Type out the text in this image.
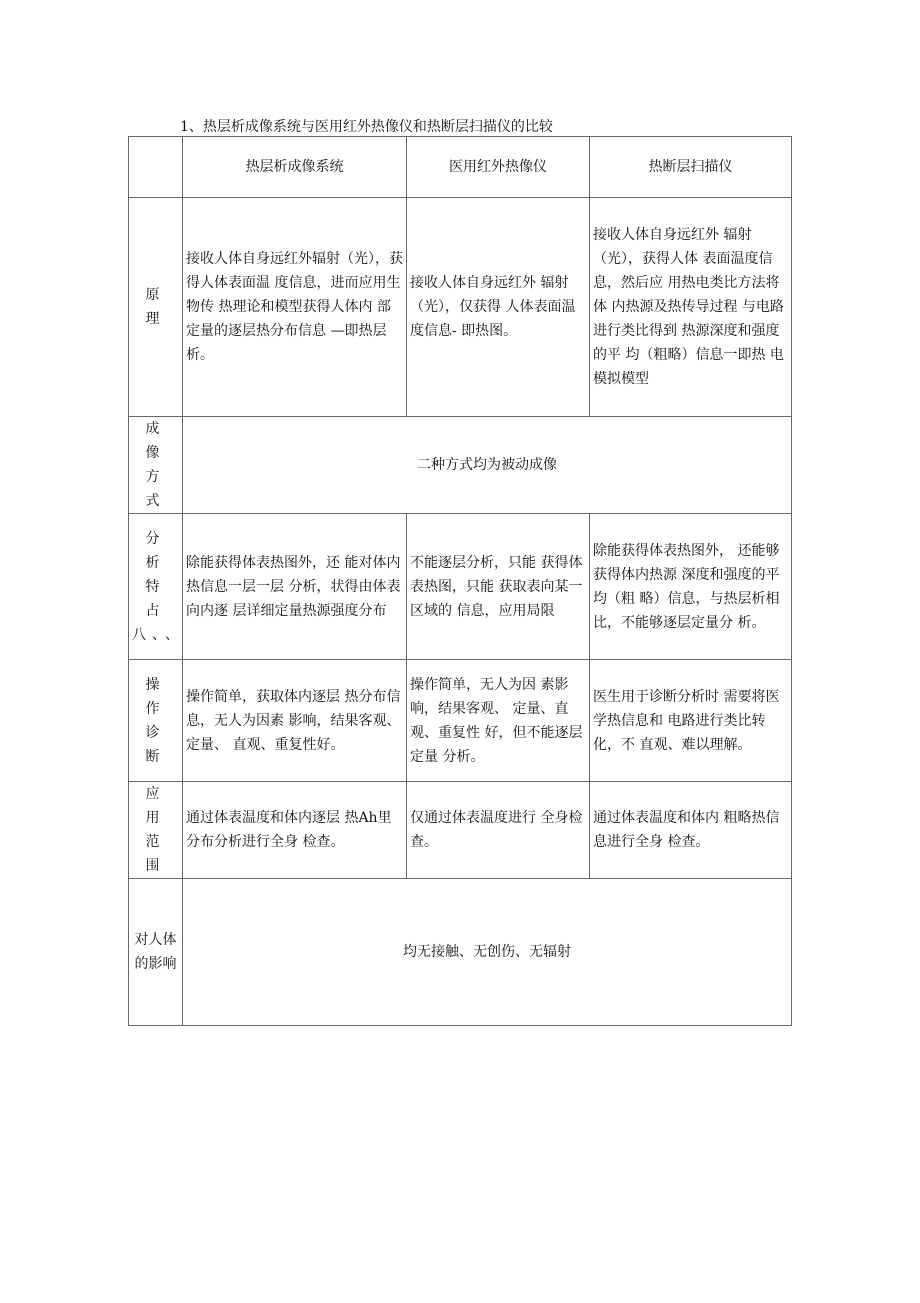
1、热层析成像系统与医用红外热像仪和热断层扫描仪的比较
	热层析成像系统	医用红外热像仪	热断层扫描仪
原 理	接收人体自身远红外辐射（光），获得人体表面温 度信息，进而应用生物传 热理论和模型获得人体内 部定量的逐层热分布信息 —即热层析。	接收人体自身远红外 辐射（光），仅获得 人体表面温度信息- 即热图。	接收人体自身远红外 辐射（光），获得人体 表面温度信息，然后应 用热电类比方法将体 内热源及热传导过程 与电路进行类比得到 热源深度和强度的平 均（粗略）信息一即热 电模拟模型
成 像 方 式	二种方式均为被动成像		
分 析 特 占 八、、	除能获得体表热图外，还 能对体内热信息一层一层 分析，状得由体表向内逐 层详细定量热源强度分布	不能逐层分析，只能 获得体表热图，只能 获取表向某一区域的 信息，应用局限	除能获得体表热图外， 还能够获得体内热源 深度和强度的平均（粗 略）信息，与热层析相 比，不能够逐层定量分 析。
操 作 诊 断	操作简单，获取体内逐层 热分布信息，无人为因素 影响，结果客观、定量、 直观、重复性好。	操作简单，无人为因 素影响，结果客观、 定量、直观、重复性 好，但不能逐层定量 分析。	医生用于诊断分析时 需要将医学热信息和 电路进行类比转化，不 直观、难以理解。
应 用 范 围	通过体表温度和体内逐层 热Ah里分布分析进行全身 检查。	仅通过体表温度进行 全身检查。	通过体表温度和体内 粗略热信息进行全身 检查。
对人体的影响	均无接触、无创伤、无辐射		
